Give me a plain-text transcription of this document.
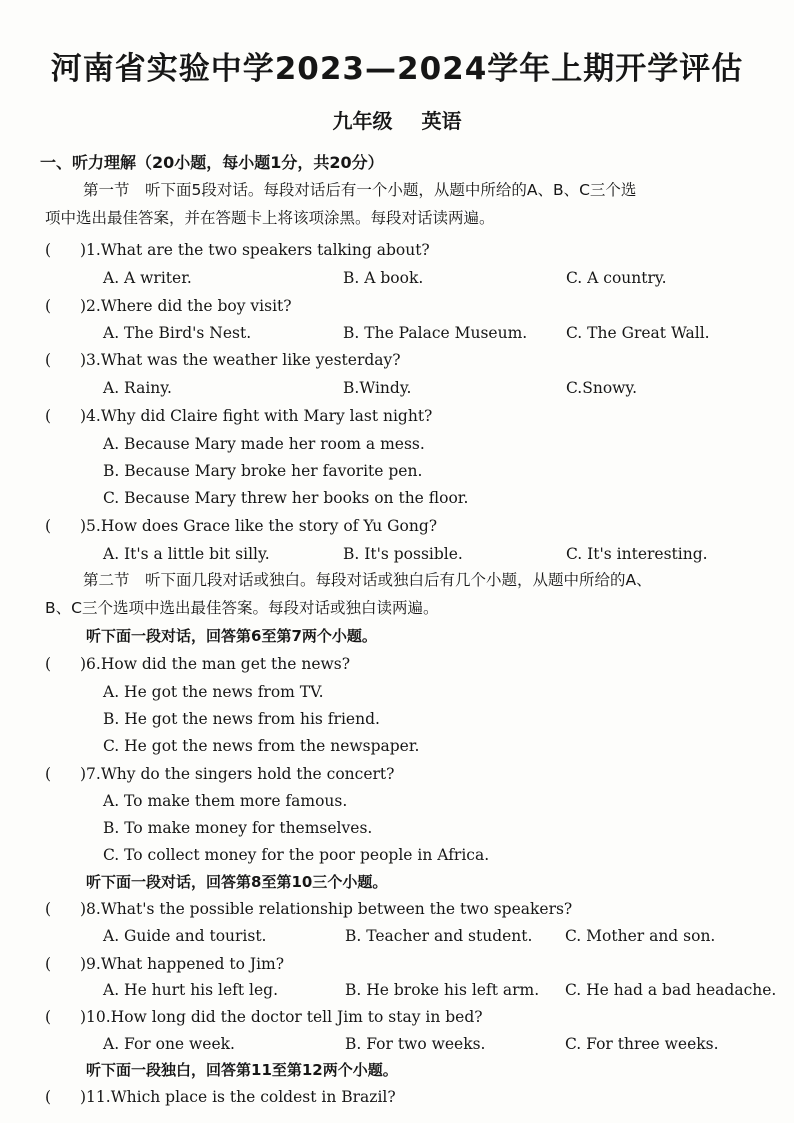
河南省实验中学2023—2024学年上期开学评估
九年级 英语
一、听力理解（20小题，每小题1分，共20分）
第一节　听下面5段对话。每段对话后有一个小题，从题中所给的A、B、C三个选
项中选出最佳答案，并在答题卡上将该项涂黑。每段对话读两遍。
( )1.What are the two speakers talking about?
A. A writer.	B. A book.	C. A country.
( )2.Where did the boy visit?
A. The Bird's Nest.	B. The Palace Museum.	C. The Great Wall.
( )3.What was the weather like yesterday?
A. Rainy.	B.Windy.	C.Snowy.
( )4.Why did Claire fight with Mary last night?
A. Because Mary made her room a mess.
B. Because Mary broke her favorite pen.
C. Because Mary threw her books on the floor.
( )5.How does Grace like the story of Yu Gong?
A. It's a little bit silly.	B. It's possible.	C. It's interesting.
第二节　听下面几段对话或独白。每段对话或独白后有几个小题，从题中所给的A、
B、C三个选项中选出最佳答案。每段对话或独白读两遍。
听下面一段对话，回答第6至第7两个小题。
( )6.How did the man get the news?
A. He got the news from TV.
B. He got the news from his friend.
C. He got the news from the newspaper.
( )7.Why do the singers hold the concert?
A. To make them more famous.
B. To make money for themselves.
C. To collect money for the poor people in Africa.
听下面一段对话，回答第8至第10三个小题。
( )8.What's the possible relationship between the two speakers?
A. Guide and tourist.	B. Teacher and student. C. Mother and son.
( )9.What happened to Jim?
A. He hurt his left leg.	B. He broke his left arm. C. He had a bad headache.
( )10.How long did the doctor tell Jim to stay in bed?
A. For one week.	B. For two weeks.	C. For three weeks.
听下面一段独白，回答第11至第12两个小题。
( )11.Which place is the coldest in Brazil?
